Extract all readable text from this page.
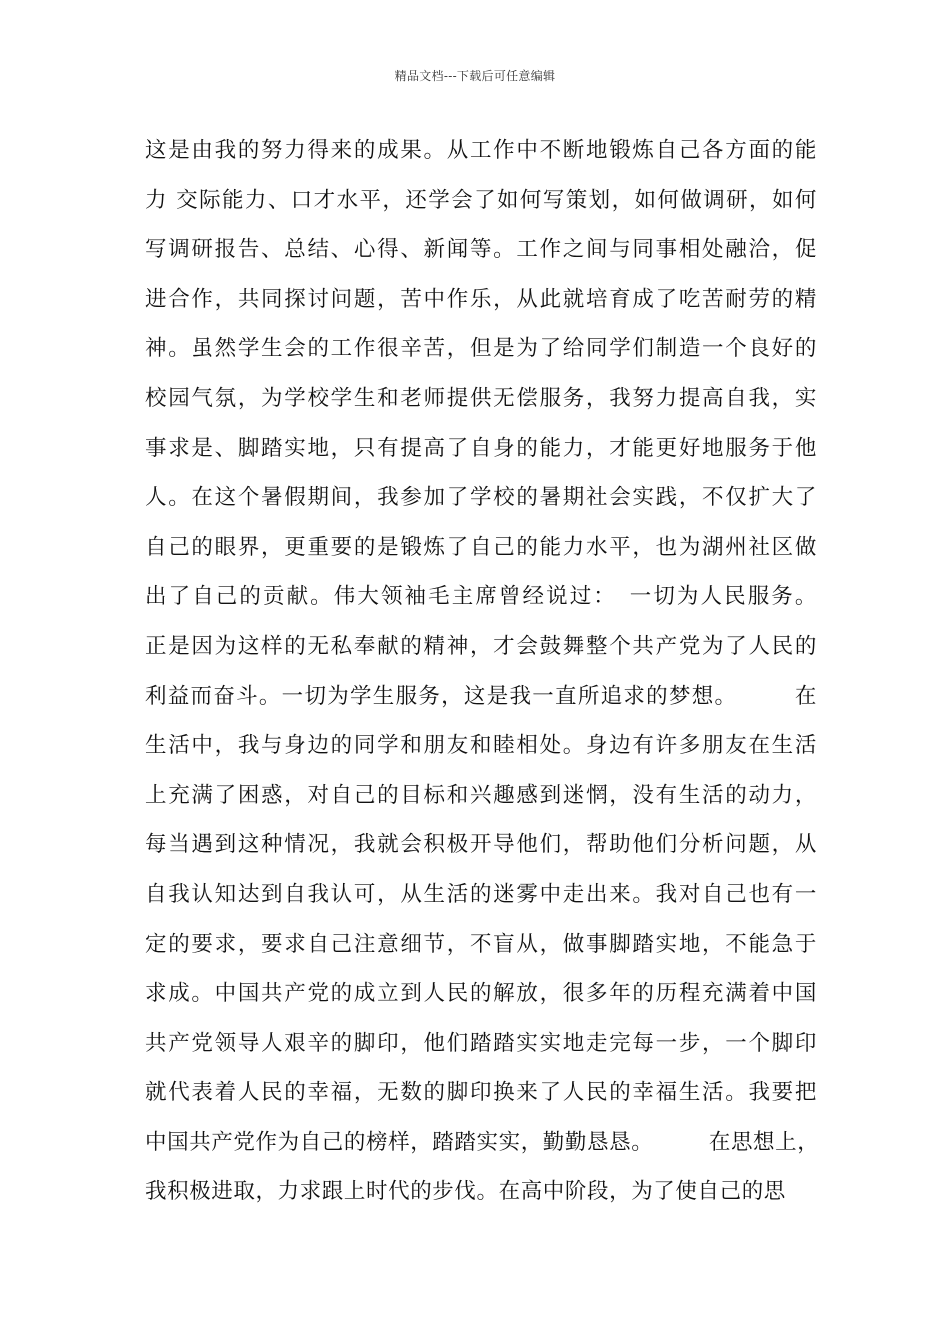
精品文档---下载后可任意编辑
这是由我的努力得来的成果。从工作中不断地锻炼自己各方面的能
力 交际能力、口才水平，还学会了如何写策划，如何做调研，如何
写调研报告、总结、心得、新闻等。工作之间与同事相处融洽，促
进合作，共同探讨问题，苦中作乐，从此就培育成了吃苦耐劳的精
神。虽然学生会的工作很辛苦，但是为了给同学们制造一个良好的
校园气氛，为学校学生和老师提供无偿服务，我努力提高自我，实
事求是、脚踏实地，只有提高了自身的能力，才能更好地服务于他
人。在这个暑假期间，我参加了学校的暑期社会实践，不仅扩大了
自己的眼界，更重要的是锻炼了自己的能力水平，也为湖州社区做
出了自己的贡献。伟大领袖毛主席曾经说过：　一切为人民服务。
正是因为这样的无私奉献的精神，才会鼓舞整个共产党为了人民的
利益而奋斗。一切为学生服务，这是我一直所追求的梦想。　　　在
生活中，我与身边的同学和朋友和睦相处。身边有许多朋友在生活
上充满了困惑，对自己的目标和兴趣感到迷惘，没有生活的动力，
每当遇到这种情况，我就会积极开导他们，帮助他们分析问题，从
自我认知达到自我认可，从生活的迷雾中走出来。我对自己也有一
定的要求，要求自己注意细节，不盲从，做事脚踏实地，不能急于
求成。中国共产党的成立到人民的解放，很多年的历程充满着中国
共产党领导人艰辛的脚印，他们踏踏实实地走完每一步，一个脚印
就代表着人民的幸福，无数的脚印换来了人民的幸福生活。我要把
中国共产党作为自己的榜样，踏踏实实，勤勤恳恳。　　　在思想上，
我积极进取，力求跟上时代的步伐。在高中阶段，为了使自己的思
